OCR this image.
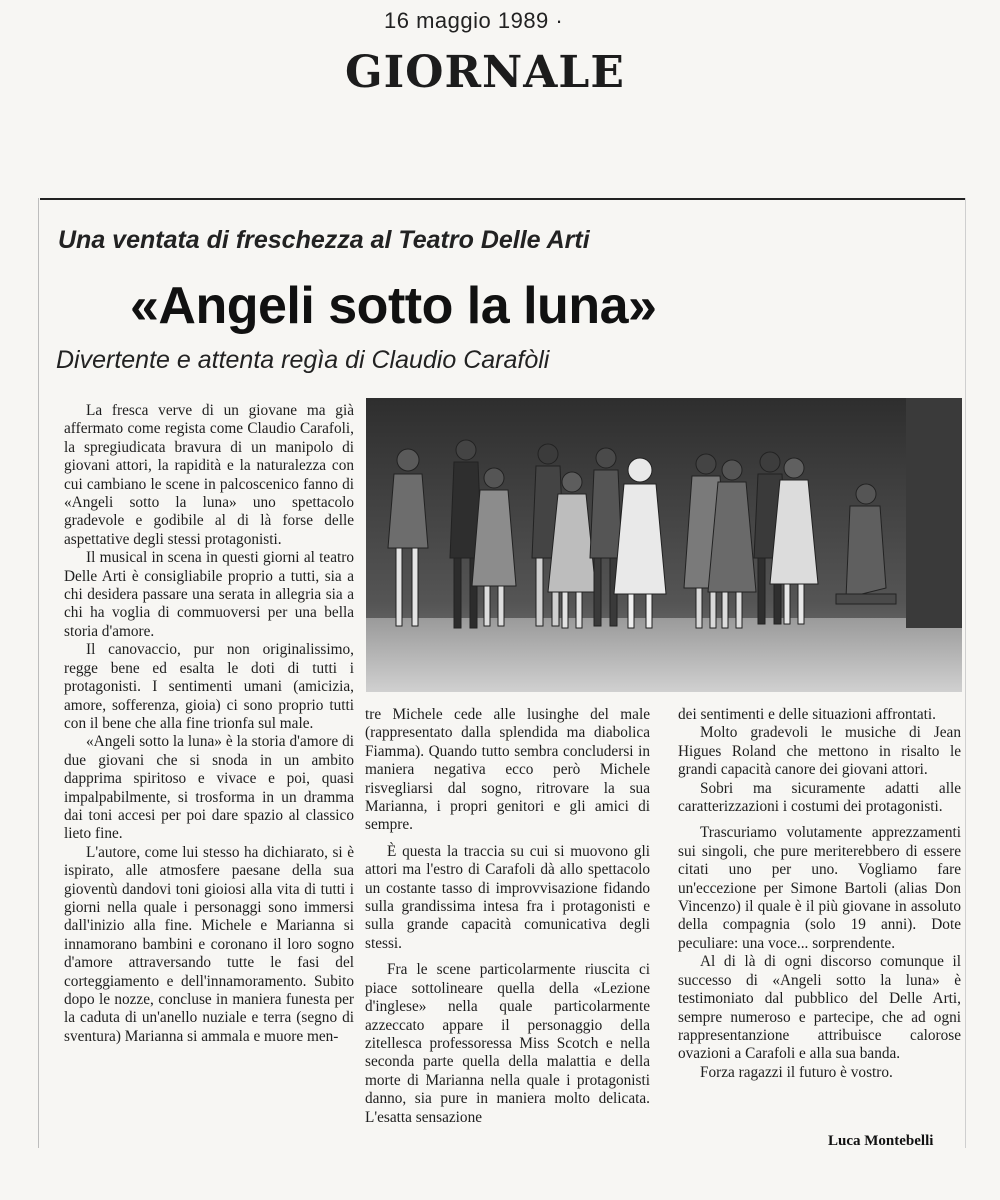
16 maggio 1989 ·
GIORNALE
Una ventata di freschezza al Teatro Delle Arti
«Angeli sotto la luna»
Divertente e attenta regìa di Claudio Carafòli

La fresca verve di un giovane ma già affermato come regista come Claudio Carafoli, la spregiudicata bravura di un manipolo di giovani attori, la rapidità e la naturalezza con cui cambiano le scene in palcoscenico fanno di «Angeli sotto la luna» uno spettacolo gradevole e godibile al di là forse delle aspettative degli stessi protagonisti.

Il musical in scena in questi giorni al teatro Delle Arti è consigliabile proprio a tutti, sia a chi desidera passare una serata in allegria sia a chi ha voglia di commuoversi per una bella storia d'amore.

Il canovaccio, pur non originalissimo, regge bene ed esalta le doti di tutti i protagonisti. I sentimenti umani (amicizia, amore, sofferenza, gioia) ci sono proprio tutti con il bene che alla fine trionfa sul male.

«Angeli sotto la luna» è la storia d'amore di due giovani che si snoda in un ambito dapprima spiritoso e vivace e poi, quasi impalpabilmente, si trosforma in un dramma dai toni accesi per poi dare spazio al classico lieto fine.

L'autore, come lui stesso ha dichiarato, si è ispirato, alle atmosfere paesane della sua gioventù dandovi toni gioiosi alla vita di tutti i giorni nella quale i personaggi sono immersi dall'inizio alla fine. Michele e Marianna si innamorano bambini e coronano il loro sogno d'amore attraversando tutte le fasi del corteggiamento e dell'innamoramento. Subito dopo le nozze, concluse in maniera funesta per la caduta di un'anello nuziale e terra (segno di sventura) Marianna si ammala e muore men-

tre Michele cede alle lusinghe del male (rappresentato dalla splendida ma diabolica Fiamma). Quando tutto sembra concludersi in maniera negativa ecco però Michele risvegliarsi dal sogno, ritrovare la sua Marianna, i propri genitori e gli amici di sempre.

È questa la traccia su cui si muovono gli attori ma l'estro di Carafoli dà allo spettacolo un costante tasso di improvvisazione fidando sulla grandissima intesa fra i protagonisti e sulla grande capacità comunicativa degli stessi.

Fra le scene particolarmente riuscita ci piace sottolineare quella della «Lezione d'inglese» nella quale particolarmente azzeccato appare il personaggio della zitellesca professoressa Miss Scotch e nella seconda parte quella della malattia e della morte di Marianna nella quale i protagonisti danno, sia pure in maniera molto delicata. L'esatta sensazione

dei sentimenti e delle situazioni affrontati.

Molto gradevoli le musiche di Jean Higues Roland che mettono in risalto le grandi capacità canore dei giovani attori.

Sobri ma sicuramente adatti alle caratterizzazioni i costumi dei protagonisti.

Trascuriamo volutamente apprezzamenti sui singoli, che pure meriterebbero di essere citati uno per uno. Vogliamo fare un'eccezione per Simone Bartoli (alias Don Vincenzo) il quale è il più giovane in assoluto della compagnia (solo 19 anni). Dote peculiare: una voce... sorprendente.

Al di là di ogni discorso comunque il successo di «Angeli sotto la luna» è testimoniato dal pubblico del Delle Arti, sempre numeroso e partecipe, che ad ogni rappresentanzione attribuisce calorose ovazioni a Carafoli e alla sua banda.

Forza ragazzi il futuro è vostro.

Luca Montebelli
